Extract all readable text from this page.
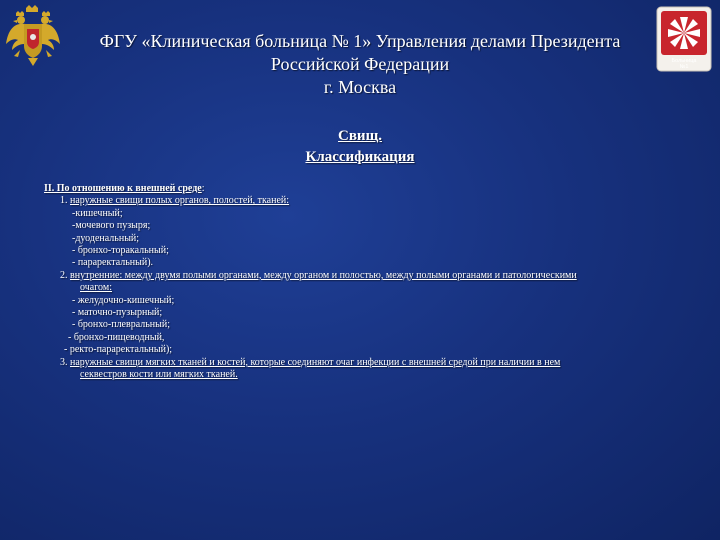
Больница
№1
ФГУ «Клиническая больница № 1» Управления делами Президента
Российской Федерации
г. Москва
Свищ.
Классификация
II. По отношению к внешней среде:
1. наружные свищи полых органов, полостей, тканей:
-кишечный;
-мочевого пузыря;
-дуоденальный;
- бронхо-торакальный;
- параректальный).
2. внутренние: между двумя полыми органами, между органом и полостью, между полыми органами и патологическими
очагом:
- желудочно-кишечный;
- маточно-пузырный;
- бронхо-плевральный;
- бронхо-пищеводный,
- ректо-параректальный);
3. наружные свищи мягких тканей и костей, которые соединяют очаг инфекции с внешней средой при наличии в нем
секвестров кости или мягких тканей.
